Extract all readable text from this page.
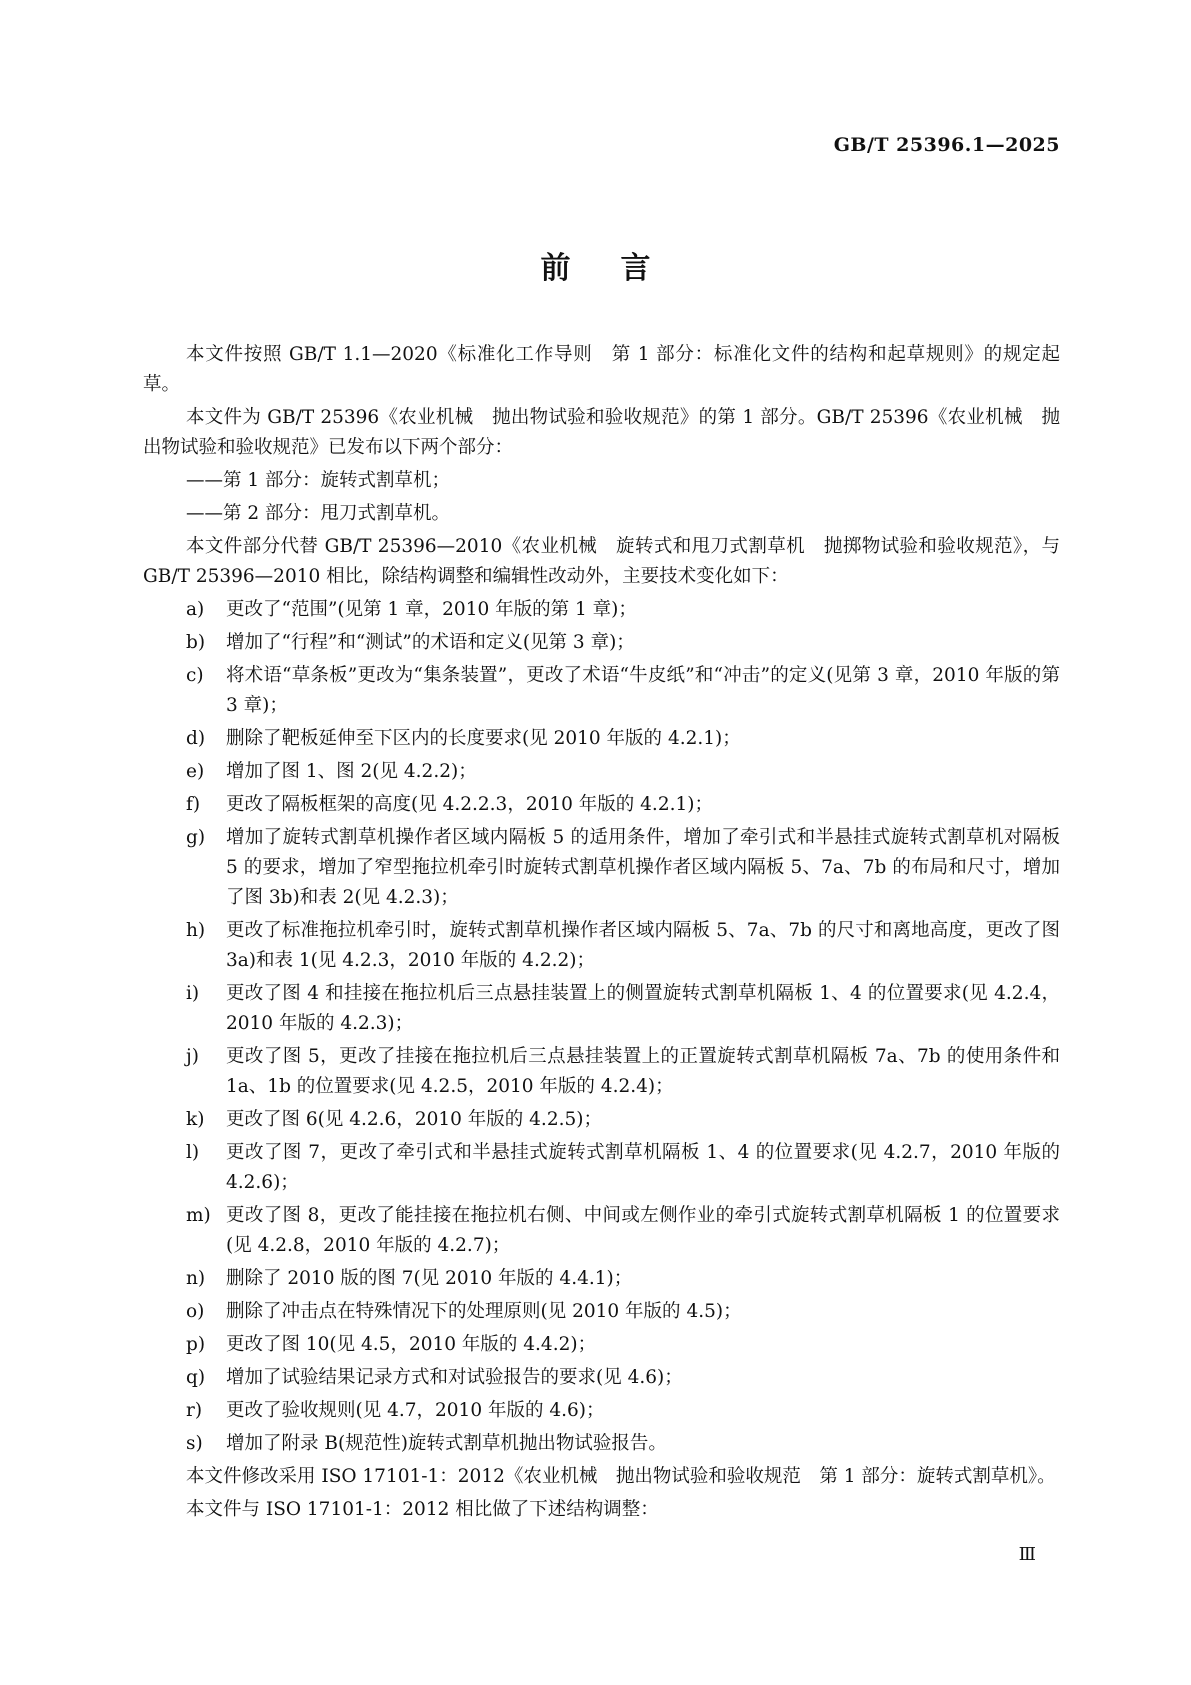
GB/T 25396.1—2025
前言

本文件按照 GB/T 1.1—2020《标准化工作导则　第 1 部分：标准化文件的结构和起草规则》的规定起草。

本文件为 GB/T 25396《农业机械　抛出物试验和验收规范》的第 1 部分。GB/T 25396《农业机械　抛出物试验和验收规范》已发布以下两个部分：

——第 1 部分：旋转式割草机；

——第 2 部分：甩刀式割草机。

本文件部分代替 GB/T 25396—2010《农业机械　旋转式和甩刀式割草机　抛掷物试验和验收规范》，与 GB/T 25396—2010 相比，除结构调整和编辑性改动外，主要技术变化如下：

a)	更改了“范围”(见第 1 章，2010 年版的第 1 章)；
b)	增加了“行程”和“测试”的术语和定义(见第 3 章)；
c)	将术语“草条板”更改为“集条装置”，更改了术语“牛皮纸”和“冲击”的定义(见第 3 章，2010 年版的第 3 章)；
d)	删除了靶板延伸至下区内的长度要求(见 2010 年版的 4.2.1)；
e)	增加了图 1、图 2(见 4.2.2)；
f)	更改了隔板框架的高度(见 4.2.2.3，2010 年版的 4.2.1)；
g)	增加了旋转式割草机操作者区域内隔板 5 的适用条件，增加了牵引式和半悬挂式旋转式割草机对隔板 5 的要求，增加了窄型拖拉机牵引时旋转式割草机操作者区域内隔板 5、7a、7b 的布局和尺寸，增加了图 3b)和表 2(见 4.2.3)；
h)	更改了标准拖拉机牵引时，旋转式割草机操作者区域内隔板 5、7a、7b 的尺寸和离地高度，更改了图 3a)和表 1(见 4.2.3，2010 年版的 4.2.2)；
i)	更改了图 4 和挂接在拖拉机后三点悬挂装置上的侧置旋转式割草机隔板 1、4 的位置要求(见 4.2.4，2010 年版的 4.2.3)；
j)	更改了图 5，更改了挂接在拖拉机后三点悬挂装置上的正置旋转式割草机隔板 7a、7b 的使用条件和 1a、1b 的位置要求(见 4.2.5，2010 年版的 4.2.4)；
k)	更改了图 6(见 4.2.6，2010 年版的 4.2.5)；
l)	更改了图 7，更改了牵引式和半悬挂式旋转式割草机隔板 1、4 的位置要求(见 4.2.7，2010 年版的 4.2.6)；
m) 更改了图 8，更改了能挂接在拖拉机右侧、中间或左侧作业的牵引式旋转式割草机隔板 1 的位置要求(见 4.2.8，2010 年版的 4.2.7)；
n)	删除了 2010 版的图 7(见 2010 年版的 4.4.1)；
o)	删除了冲击点在特殊情况下的处理原则(见 2010 年版的 4.5)；
p)	更改了图 10(见 4.5，2010 年版的 4.4.2)；
q)	增加了试验结果记录方式和对试验报告的要求(见 4.6)；
r)	更改了验收规则(见 4.7，2010 年版的 4.6)；
s)	增加了附录 B(规范性)旋转式割草机抛出物试验报告。

本文件修改采用 ISO 17101-1：2012《农业机械　抛出物试验和验收规范　第 1 部分：旋转式割草机》。

本文件与 ISO 17101-1：2012 相比做了下述结构调整：

Ⅲ
